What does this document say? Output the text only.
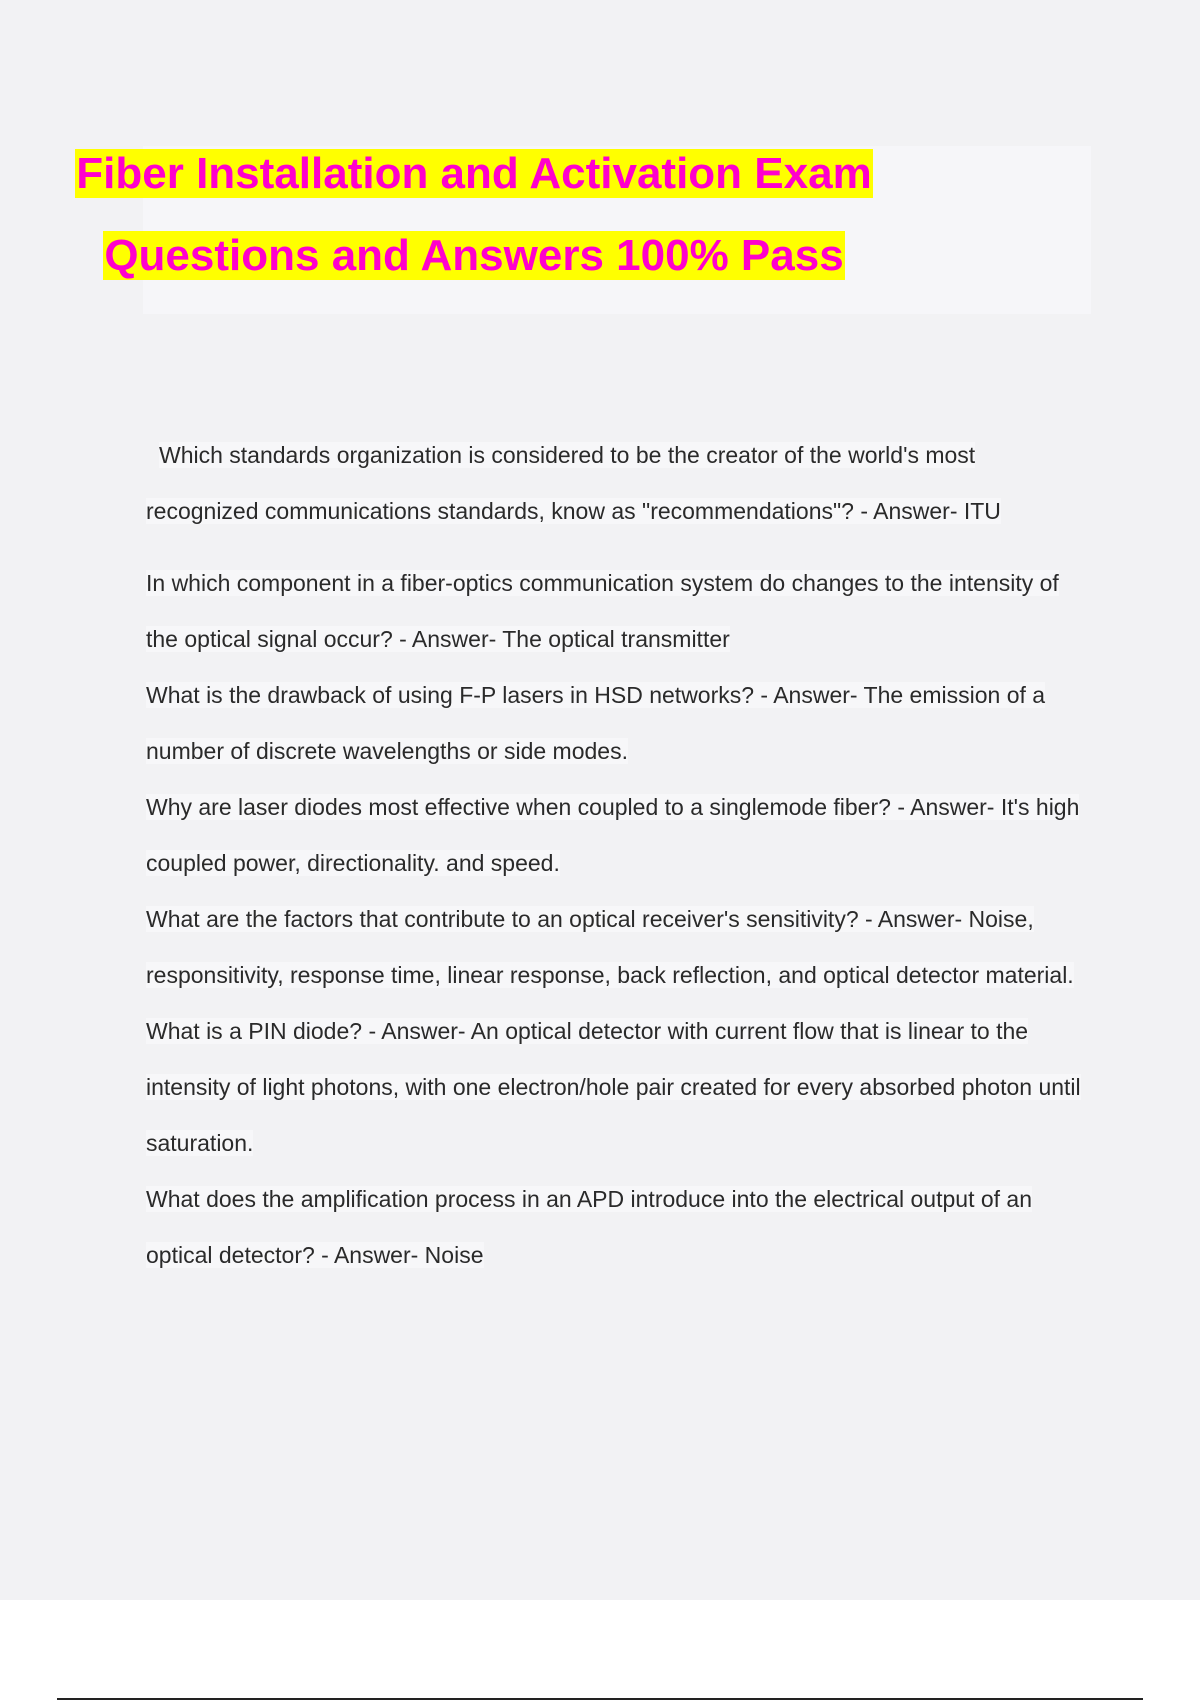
Fiber Installation and Activation Exam
Questions and Answers 100% Pass

Which standards organization is considered to be the creator of the world's most recognized communications standards, know as "recommendations"? - Answer- ITU

In which component in a fiber-optics communication system do changes to the intensity of the optical signal occur? - Answer- The optical transmitter

What is the drawback of using F-P lasers in HSD networks? - Answer- The emission of a number of discrete wavelengths or side modes.

Why are laser diodes most effective when coupled to a singlemode fiber? - Answer- It's high coupled power, directionality. and speed.

What are the factors that contribute to an optical receiver's sensitivity? - Answer- Noise, responsitivity, response time, linear response, back reflection, and optical detector material.

What is a PIN diode? - Answer- An optical detector with current flow that is linear to the intensity of light photons, with one electron/hole pair created for every absorbed photon until saturation.

What does the amplification process in an APD introduce into the electrical output of an optical detector? - Answer- Noise
